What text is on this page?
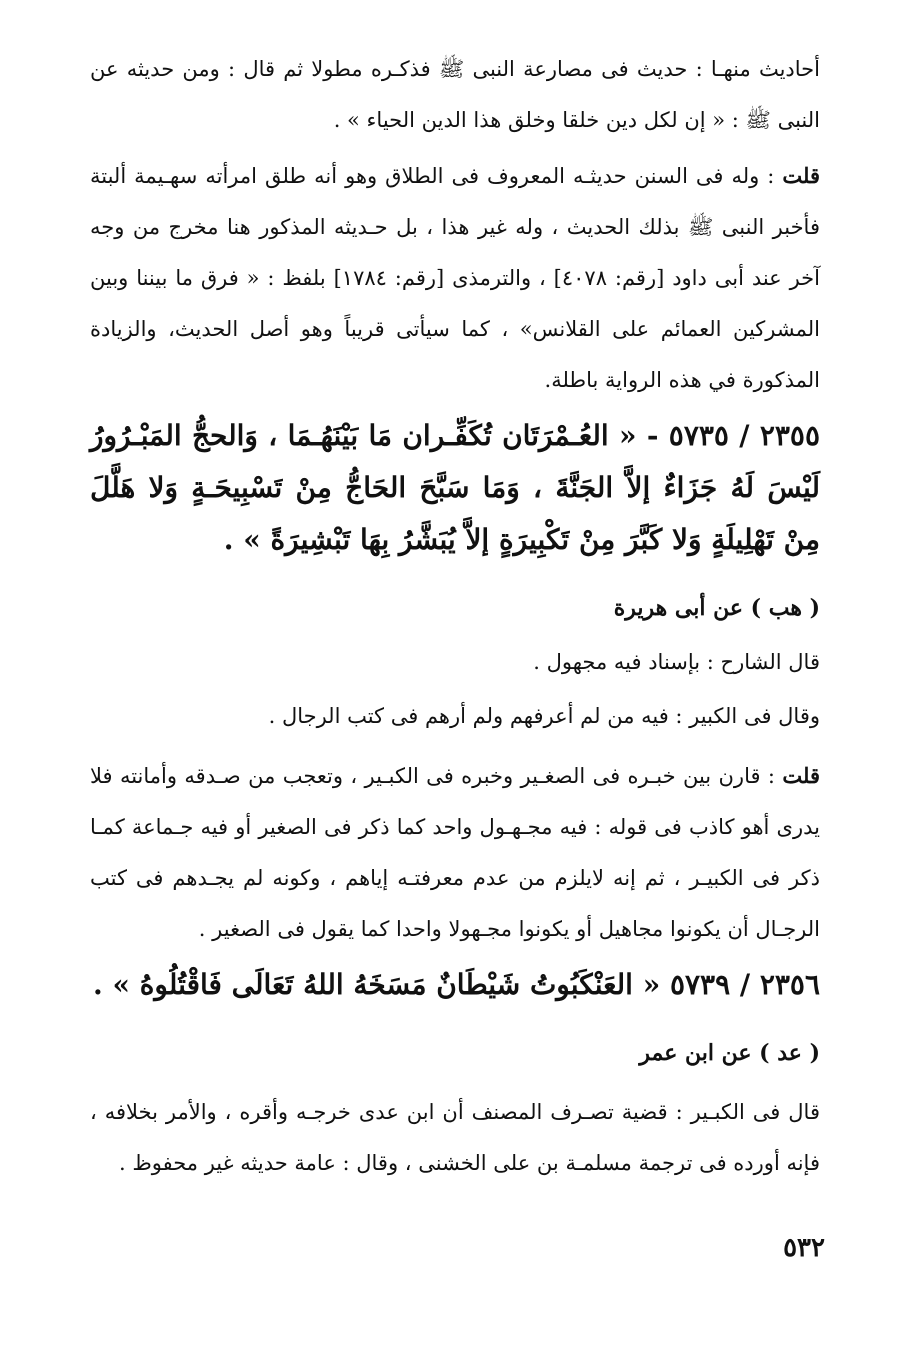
أحاديث منهـا : حديث فى مصارعة النبى ﷺ فذكـره مطولا ثم قال : ومن حديثه عن النبى ﷺ : « إن لكل دين خلقا وخلق هذا الدين الحياء » .

قلت : وله فى السنن حديثـه المعروف فى الطلاق وهو أنه طلق امرأته سهـيمة ألبتة فأخبر النبى ﷺ بذلك الحديث ، وله غير هذا ، بل حـديثه المذكور هنا مخرج من وجه آخر عند أبى داود [رقم: ٤٠٧٨] ، والترمذى [رقم: ١٧٨٤] بلفظ : « فرق ما بيننا وبين المشركين العمائم على القلانس» ، كما سيأتى قريباً وهو أصل الحديث، والزيادة المذكورة في هذه الرواية باطلة.

٢٣٥٥ / ٥٧٣٥ - « العُـمْرَتَان تُكَفِّـران مَا بَيْنَهُـمَا ، وَالحجُّ المَبْـرُورُ لَيْسَ لَهُ جَزَاءٌ إلاَّ الجَنَّةَ ، وَمَا سَبَّحَ الحَاجُّ مِنْ تَسْبِيحَـةٍ وَلا هَلَّلَ مِنْ تَهْلِيلَةٍ وَلا كَبَّرَ مِنْ تَكْبِيرَةٍ إلاَّ يُبَشَّرُ بِهَا تَبْشِيرَةً » .

( هب ) عن أبى هريرة

قال الشارح : بإسناد فيه مجهول .

وقال فى الكبير : فيه من لم أعرفهم ولم أرهم فى كتب الرجال .

قلت : قارن بين خبـره فى الصغـير وخبره فى الكبـير ، وتعجب من صـدقه وأمانته فلا يدرى أهو كاذب فى قوله : فيه مجـهـول واحد كما ذكر فى الصغير أو فيه جـماعة كمـا ذكر فى الكبيـر ، ثم إنه لايلزم من عدم معرفتـه إياهم ، وكونه لم يجـدهم فى كتب الرجـال أن يكونوا مجاهيل أو يكونوا مجـهولا واحدا كما يقول فى الصغير .

٢٣٥٦ / ٥٧٣٩ « العَنْكَبُوتُ شَيْطَانٌ مَسَخَهُ اللهُ تَعَالَى فَاقْتُلُوهُ » .

( عد ) عن ابن عمر

قال فى الكبـير : قضية تصـرف المصنف أن ابن عدى خرجـه وأقره ، والأمر بخلافه ، فإنه أورده فى ترجمة مسلمـة بن على الخشنى ، وقال : عامة حديثه غير محفوظ .

٥٣٢
